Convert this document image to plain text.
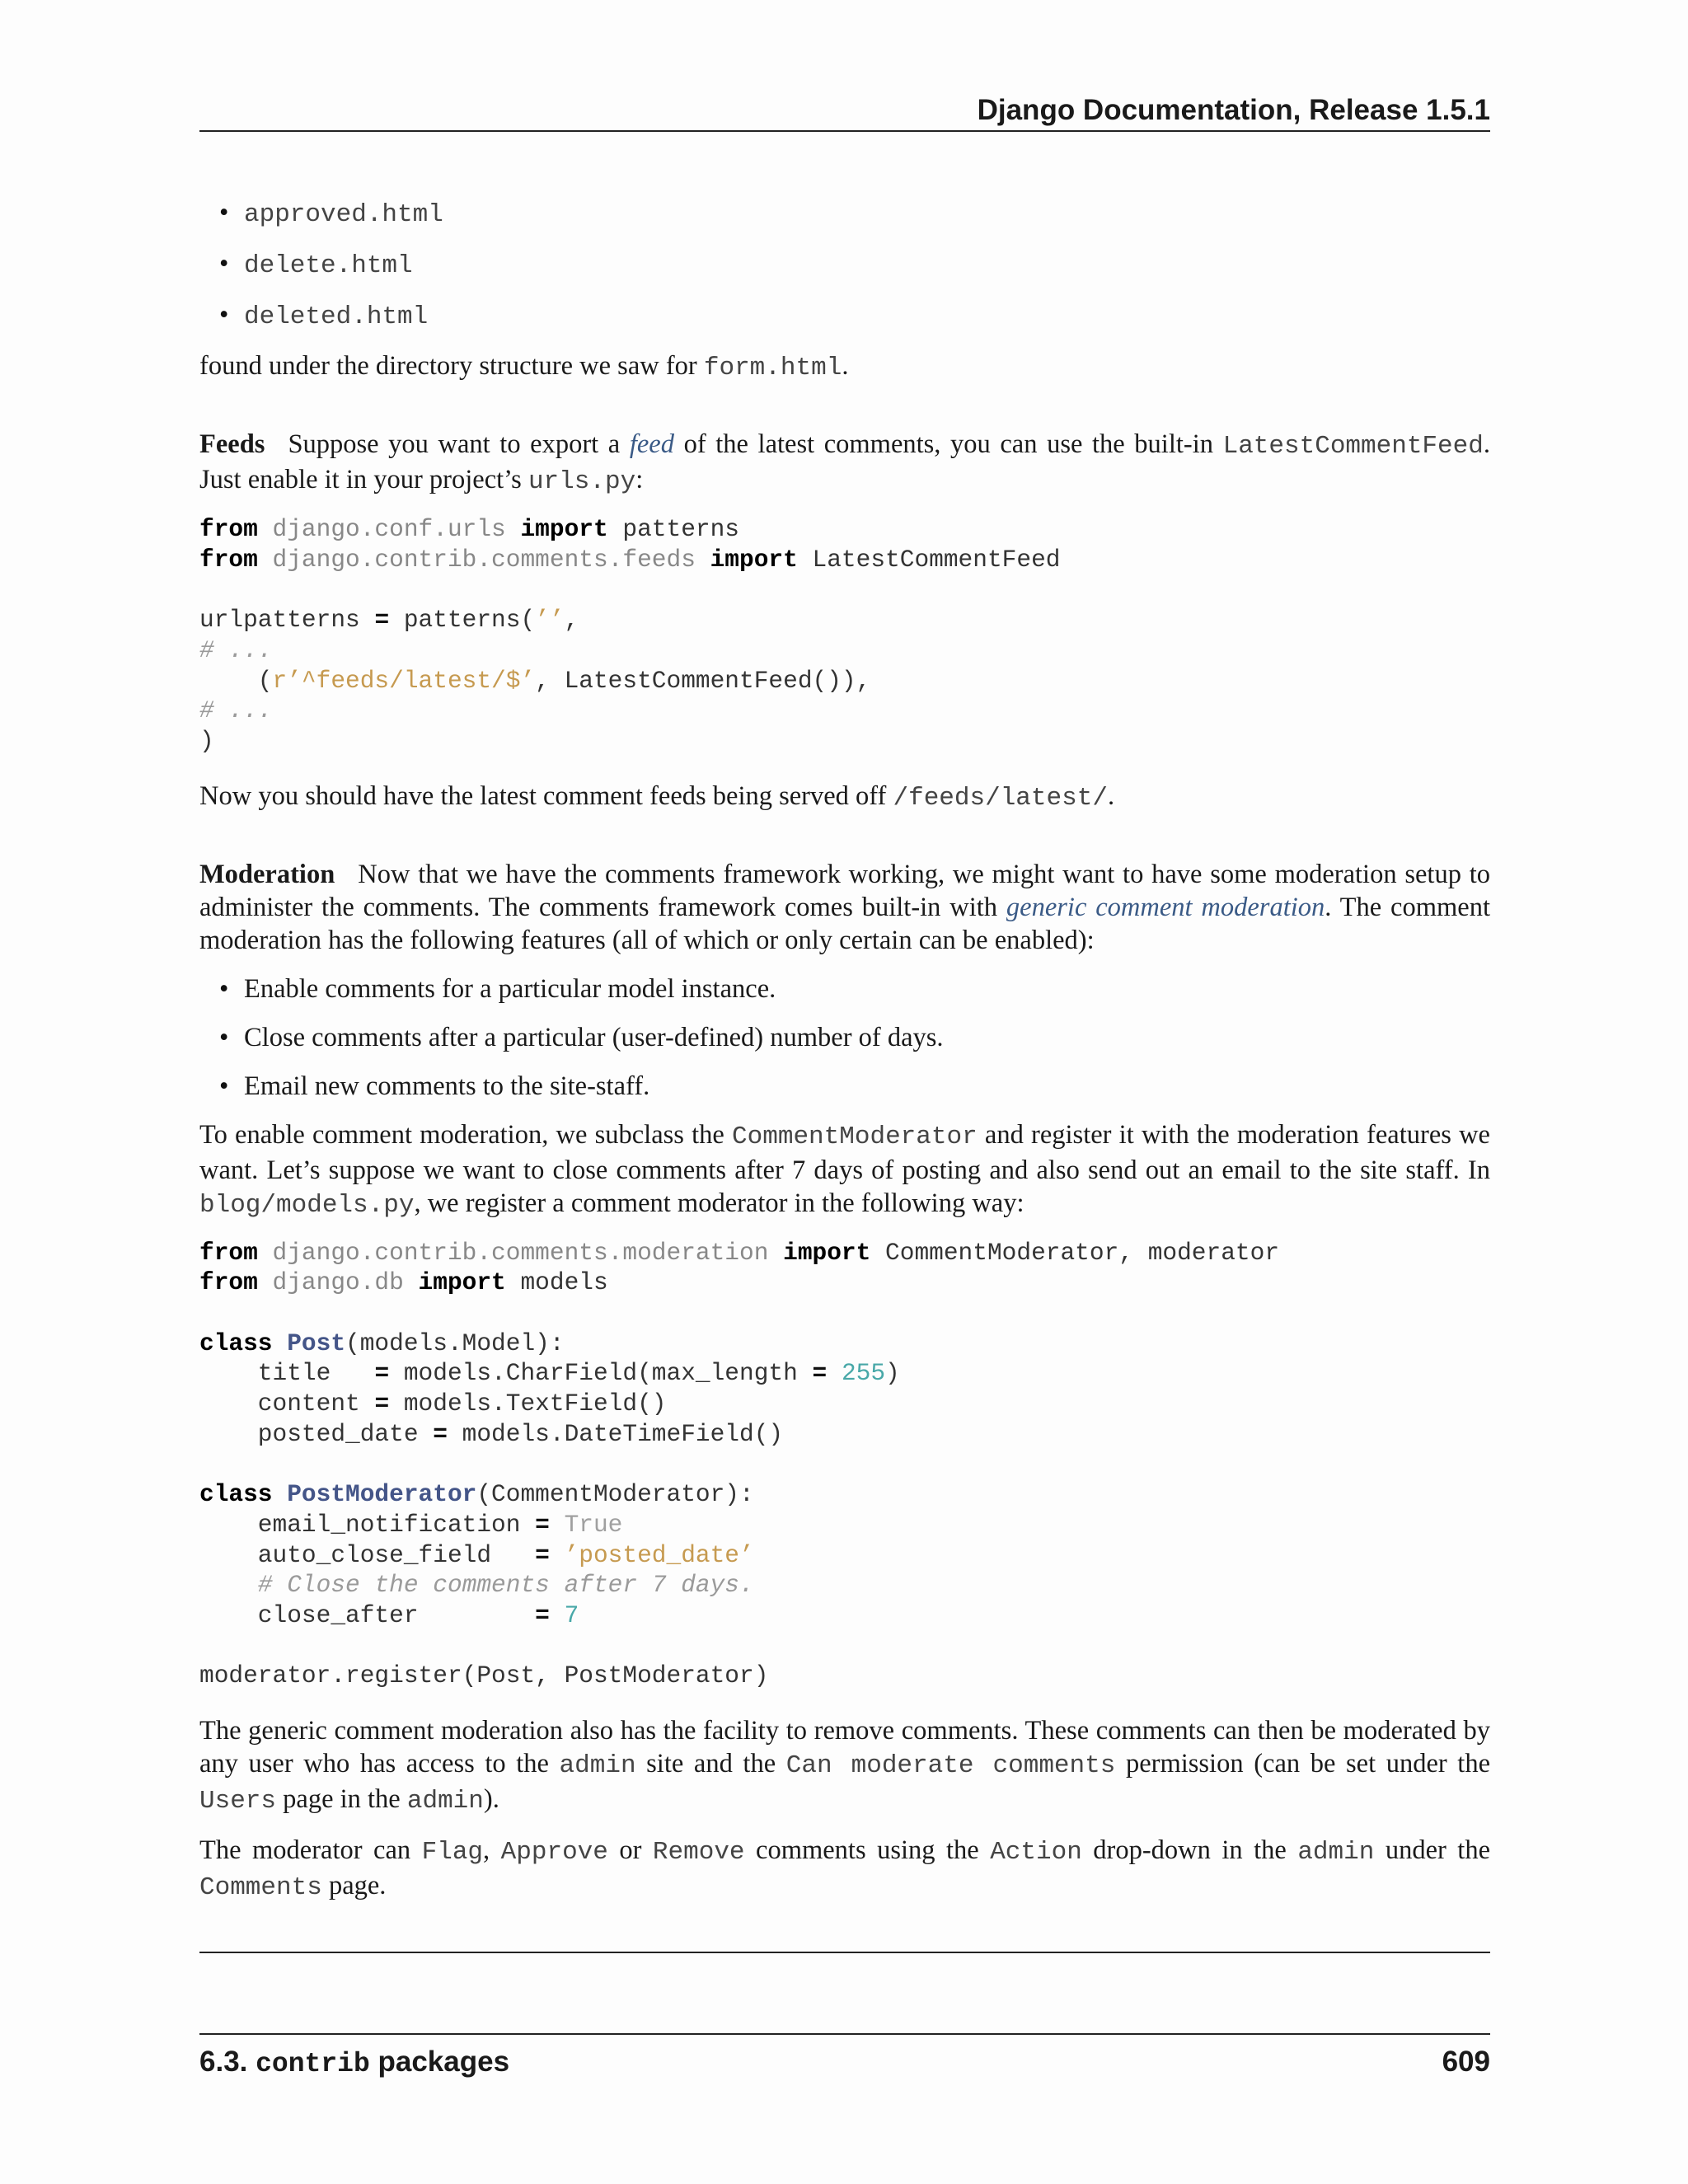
Django Documentation, Release 1.5.1
• approved.html
• delete.html
• deleted.html

found under the directory structure we saw for form.html.

Feeds Suppose you want to export a feed of the latest comments, you can use the built-in LatestCommentFeed. Just enable it in your project’s urls.py:

from django.conf.urls import patterns
from django.contrib.comments.feeds import LatestCommentFeed

urlpatterns = patterns(’’,
# ...
(r’^feeds/latest/$’, LatestCommentFeed()),
# ...
)

Now you should have the latest comment feeds being served off /feeds/latest/.

Moderation Now that we have the comments framework working, we might want to have some moderation setup to administer the comments. The comments framework comes built-in with generic comment moderation. The comment moderation has the following features (all of which or only certain can be enabled):

• Enable comments for a particular model instance.
• Close comments after a particular (user-defined) number of days.
• Email new comments to the site-staff.

To enable comment moderation, we subclass the CommentModerator and register it with the moderation features we want. Let’s suppose we want to close comments after 7 days of posting and also send out an email to the site staff. In blog/models.py, we register a comment moderator in the following way:

from django.contrib.comments.moderation import CommentModerator, moderator
from django.db import models

class Post(models.Model):
title   = models.CharField(max_length = 255)
content = models.TextField()
posted_date = models.DateTimeField()

class PostModerator(CommentModerator):
email_notification = True
auto_close_field   = ’posted_date’
# Close the comments after 7 days.
close_after        = 7

moderator.register(Post, PostModerator)

The generic comment moderation also has the facility to remove comments. These comments can then be moderated by any user who has access to the admin site and the Can moderate comments permission (can be set under the Users page in the admin).

The moderator can Flag, Approve or Remove comments using the Action drop-down in the admin under the Comments page.

6.3. contrib packages	609
